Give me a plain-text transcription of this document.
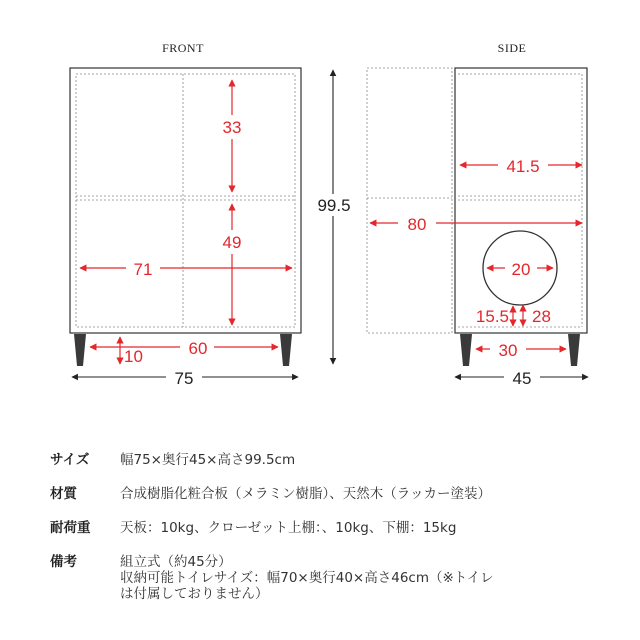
FRONT
33
49
71
60
10
75
99.5
SIDE
41.5
80
20
15.5 28
30
45
サイズ	幅75×奥行45×高さ99.5cm
材質	合成樹脂化粧合板（メラミン樹脂）、天然木（ラッカー塗装）
耐荷重	天板：10kg、クローゼット上棚：、10kg、下棚：15kg
備考	組立式（約45分）
収納可能トイレサイズ：幅70×奥行40×高さ46cm（※トイレ
は付属しておりません）
